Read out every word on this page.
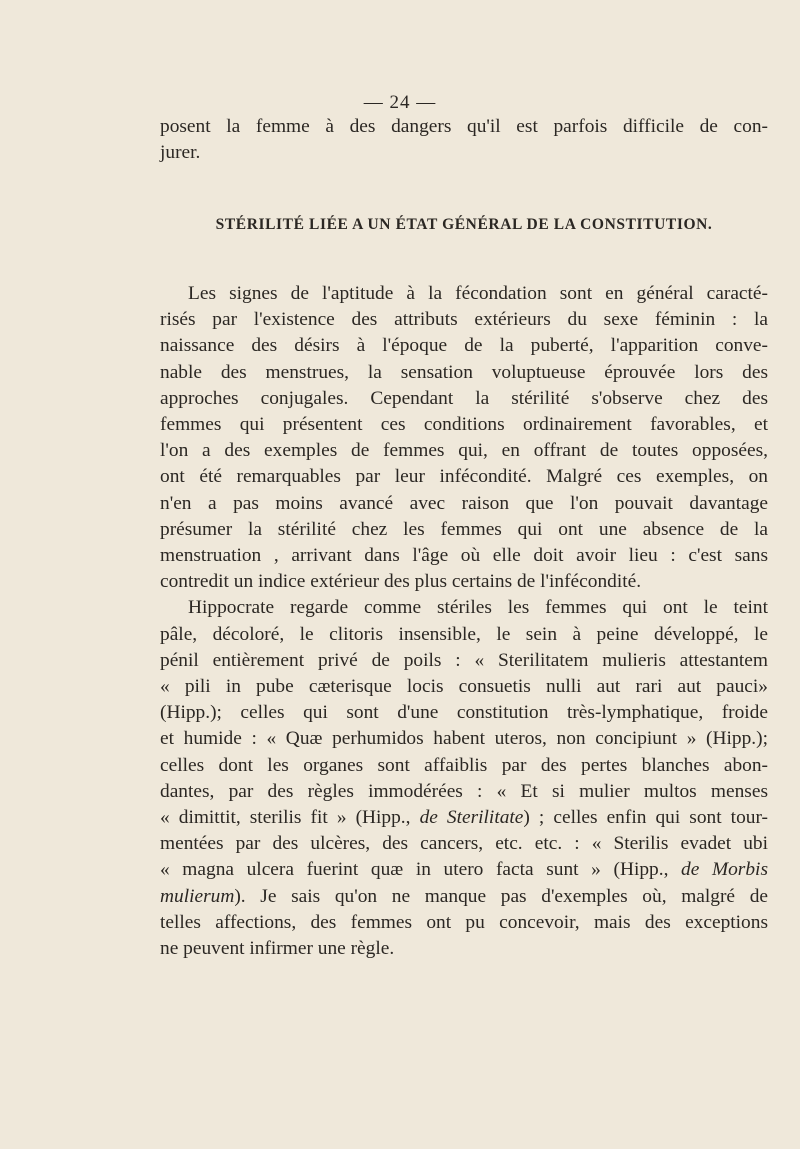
— 24 —

posent la femme à des dangers qu'il est parfois difficile de con-
jurer.

STÉRILITÉ LIÉE A UN ÉTAT GÉNÉRAL DE LA CONSTITUTION.

Les signes de l'aptitude à la fécondation sont en général caracté-
risés par l'existence des attributs extérieurs du sexe féminin : la
naissance des désirs à l'époque de la puberté, l'apparition conve-
nable des menstrues, la sensation voluptueuse éprouvée lors des
approches conjugales. Cependant la stérilité s'observe chez des
femmes qui présentent ces conditions ordinairement favorables, et
l'on a des exemples de femmes qui, en offrant de toutes opposées,
ont été remarquables par leur infécondité. Malgré ces exemples, on
n'en a pas moins avancé avec raison que l'on pouvait davantage
présumer la stérilité chez les femmes qui ont une absence de la
menstruation , arrivant dans l'âge où elle doit avoir lieu : c'est sans
contredit un indice extérieur des plus certains de l'infécondité.

Hippocrate regarde comme stériles les femmes qui ont le teint
pâle, décoloré, le clitoris insensible, le sein à peine développé, le
pénil entièrement privé de poils : « Sterilitatem mulieris attestantem
« pili in pube cæterisque locis consuetis nulli aut rari aut pauci»
(Hipp.); celles qui sont d'une constitution très-lymphatique, froide
et humide : « Quæ perhumidos habent uteros, non concipiunt » (Hipp.);
celles dont les organes sont affaiblis par des pertes blanches abon-
dantes, par des règles immodérées : « Et si mulier multos menses
« dimittit, sterilis fit » (Hipp., de Sterilitate) ; celles enfin qui sont tour-
mentées par des ulcères, des cancers, etc. etc. : « Sterilis evadet ubi
« magna ulcera fuerint quæ in utero facta sunt » (Hipp., de Morbis
mulierum). Je sais qu'on ne manque pas d'exemples où, malgré de
telles affections, des femmes ont pu concevoir, mais des exceptions
ne peuvent infirmer une règle.
